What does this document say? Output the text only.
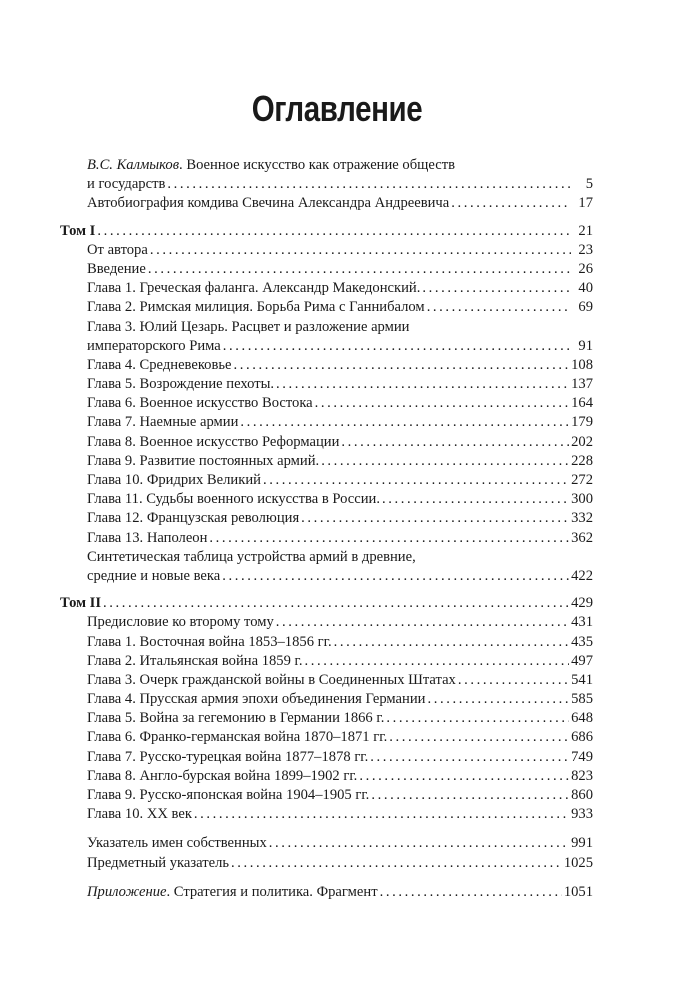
Оглавление
В.С. Калмыков. Военное искусство как отражение обществ
и государств .....	5
Автобиография комдива Свечина Александра Андреевича .....	17
Том I .....	21
От автора .....	23
Введение .....	26
Глава 1. Греческая фаланга. Александр Македонский. .....	40
Глава 2. Римская милиция. Борьба Рима с Ганнибалом .....	69
Глава 3. Юлий Цезарь. Расцвет и разложение армии
императорского Рима .....	91
Глава 4. Средневековье .....	108
Глава 5. Возрождение пехоты. .....	137
Глава 6. Военное искусство Востока .....	164
Глава 7. Наемные армии .....	179
Глава 8. Военное искусство Реформации .....	202
Глава 9. Развитие постоянных армий. .....	228
Глава 10. Фридрих Великий .....	272
Глава 11. Судьбы военного искусства в России. .....	300
Глава 12. Французская революция .....	332
Глава 13. Наполеон .....	362
Синтетическая таблица устройства армий в древние,
средние и новые века .....	422
Том II .....	429
Предисловие ко второму тому .....	431
Глава 1. Восточная война 1853–1856 гг. .....	435
Глава 2. Итальянская война 1859 г. .....	497
Глава 3. Очерк гражданской войны в Соединенных Штатах .....	541
Глава 4. Прусская армия эпохи объединения Германии .....	585
Глава 5. Война за гегемонию в Германии 1866 г. .....	648
Глава 6. Франко-германская война 1870–1871 гг. .....	686
Глава 7. Русско-турецкая война 1877–1878 гг. .....	749
Глава 8. Англо-бурская война 1899–1902 гг. .....	823
Глава 9. Русско-японская война 1904–1905 гг. .....	860
Глава 10. XX век .....	933
Указатель имен собственных .....	991
Предметный указатель .....	1025
Приложение. Стратегия и политика. Фрагмент .....	1051
